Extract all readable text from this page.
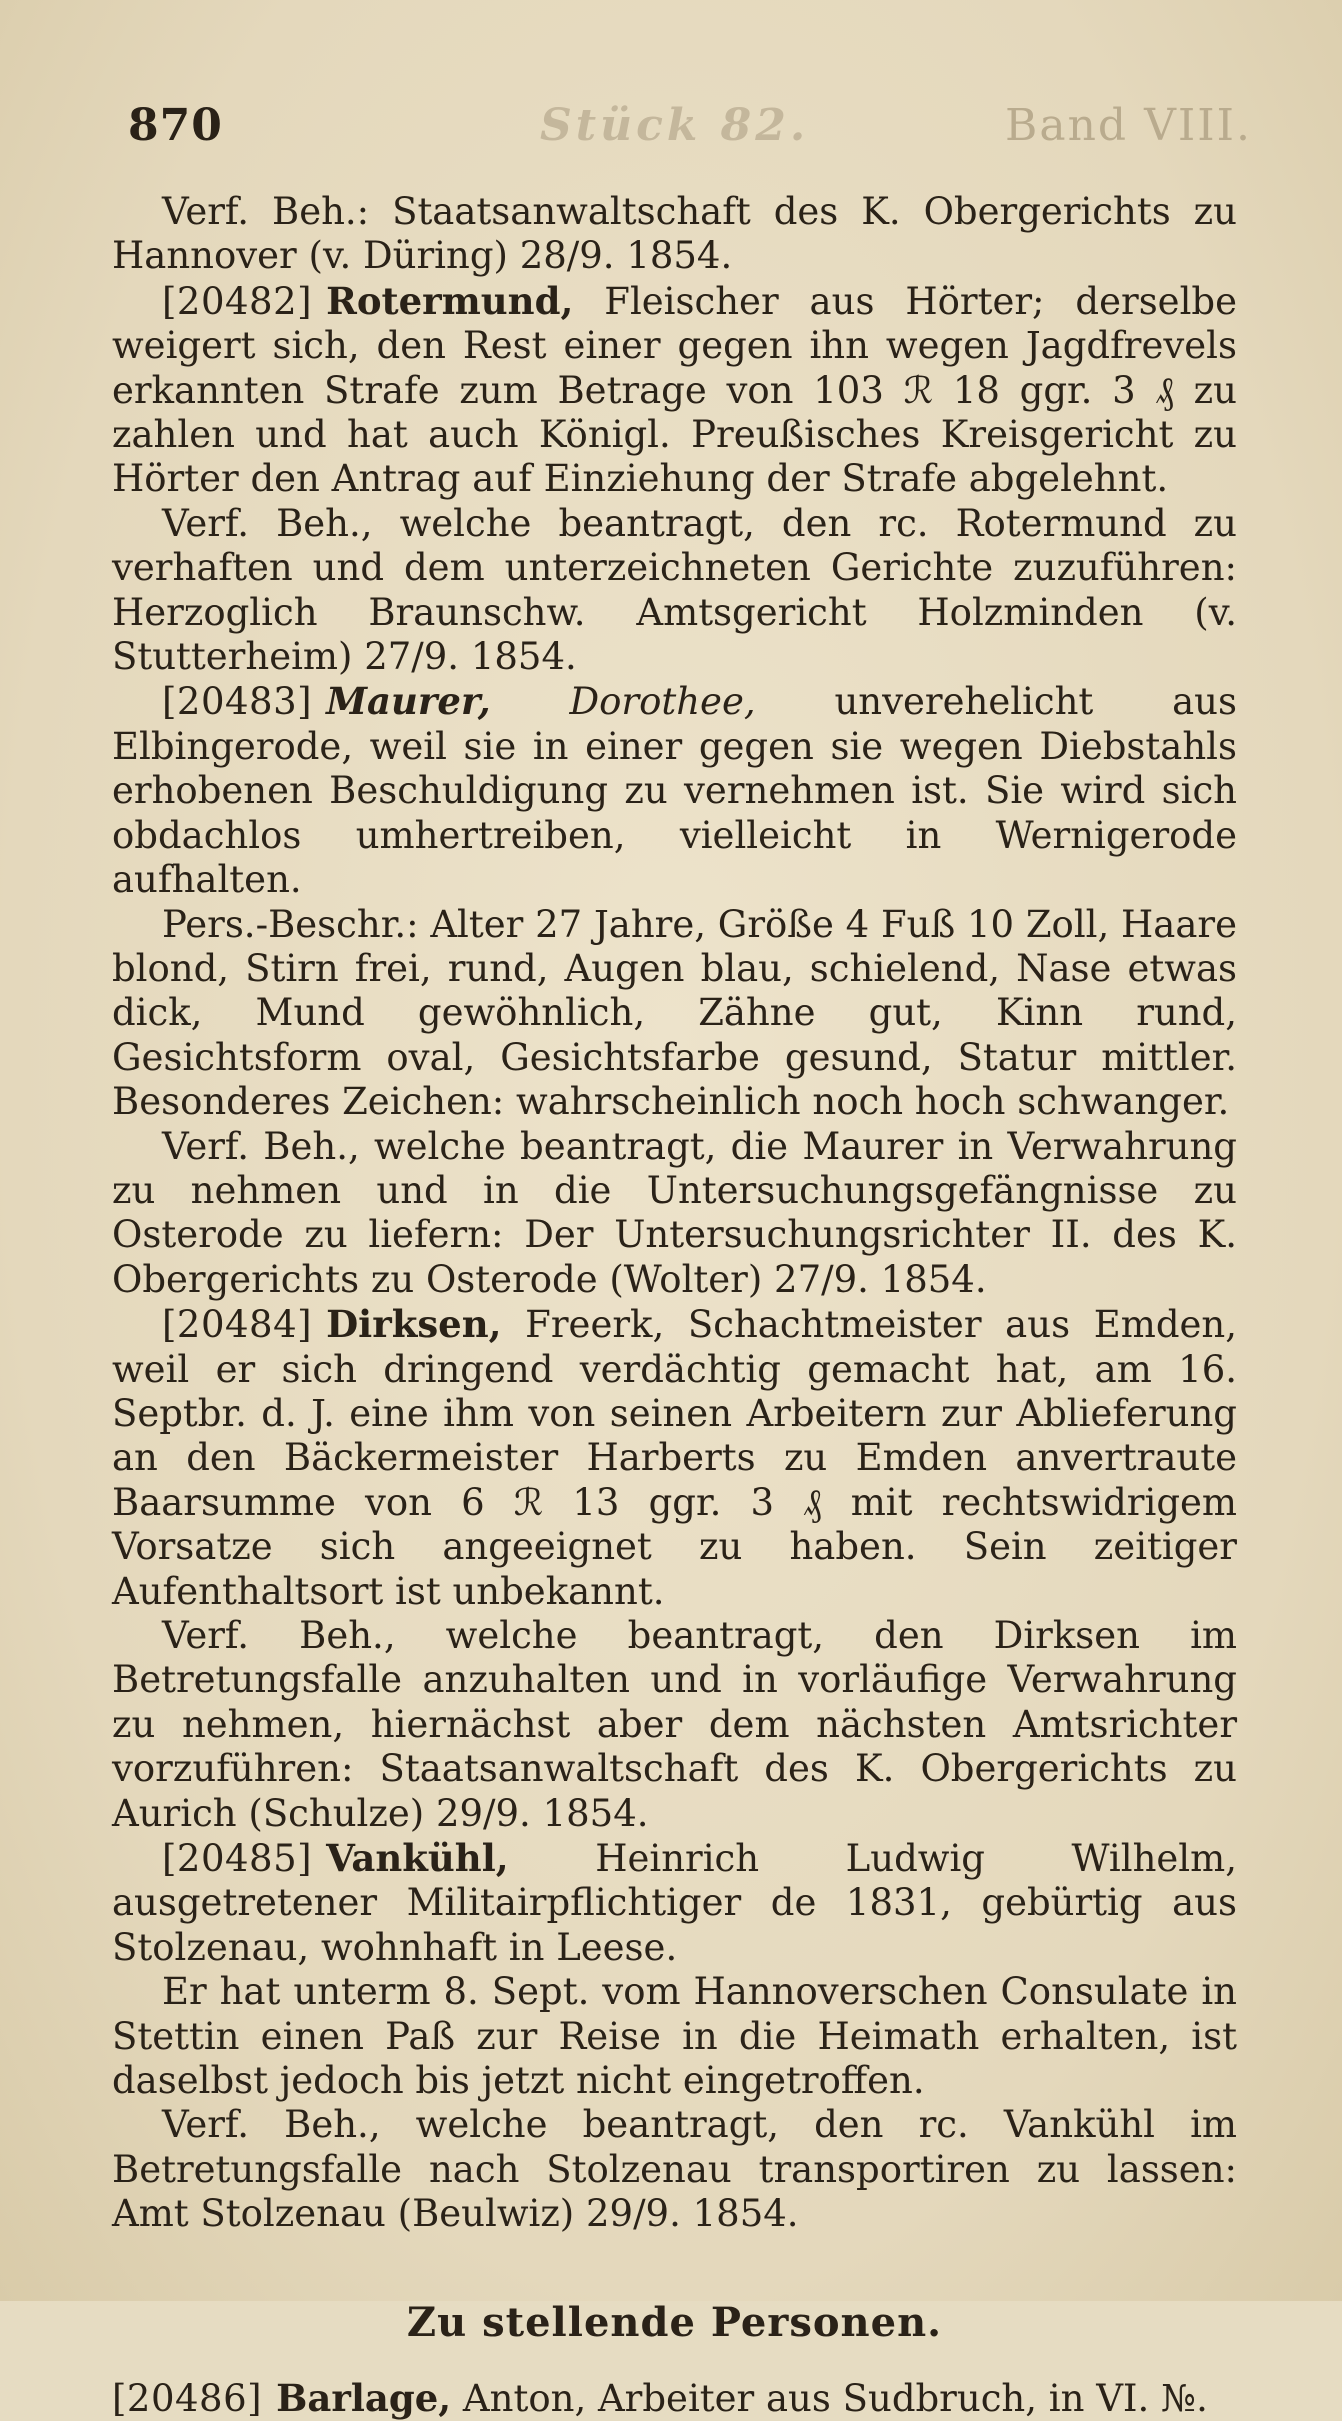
870	Stück 82.	Band VIII.

Verf. Beh.: Staatsanwaltschaft des K. Obergerichts zu Hannover (v. Düring) 28/9. 1854.

[20482] Rotermund, Fleischer aus Hörter; derselbe weigert sich, den Rest einer gegen ihn wegen Jagdfrevels erkannten Strafe zum Betrage von 103 ℛ 18 ggr. 3 ₰ zu zahlen und hat auch Königl. Preußisches Kreisgericht zu Hörter den Antrag auf Einziehung der Strafe abgelehnt.

Verf. Beh., welche beantragt, den rc. Rotermund zu verhaften und dem unterzeichneten Gerichte zuzuführen: Herzoglich Braunschw. Amtsgericht Holzminden (v. Stutterheim) 27/9. 1854.

[20483] Maurer, Dorothee, unverehelicht aus Elbingerode, weil sie in einer gegen sie wegen Diebstahls erhobenen Beschuldigung zu vernehmen ist. Sie wird sich obdachlos umhertreiben, vielleicht in Wernigerode aufhalten.

Pers.-Beschr.: Alter 27 Jahre, Größe 4 Fuß 10 Zoll, Haare blond, Stirn frei, rund, Augen blau, schielend, Nase etwas dick, Mund gewöhnlich, Zähne gut, Kinn rund, Gesichtsform oval, Gesichtsfarbe gesund, Statur mittler. Besonderes Zeichen: wahrscheinlich noch hoch schwanger.

Verf. Beh., welche beantragt, die Maurer in Verwahrung zu nehmen und in die Untersuchungsgefängnisse zu Osterode zu liefern: Der Untersuchungsrichter II. des K. Obergerichts zu Osterode (Wolter) 27/9. 1854.

[20484] Dirksen, Freerk, Schachtmeister aus Emden, weil er sich dringend verdächtig gemacht hat, am 16. Septbr. d. J. eine ihm von seinen Arbeitern zur Ablieferung an den Bäckermeister Harberts zu Emden anvertraute Baarsumme von 6 ℛ 13 ggr. 3 ₰ mit rechtswidrigem Vorsatze sich angeeignet zu haben. Sein zeitiger Aufenthaltsort ist unbekannt.

Verf. Beh., welche beantragt, den Dirksen im Betretungsfalle anzuhalten und in vorläufige Verwahrung zu nehmen, hiernächst aber dem nächsten Amtsrichter vorzuführen: Staatsanwaltschaft des K. Obergerichts zu Aurich (Schulze) 29/9. 1854.

[20485] Vankühl, Heinrich Ludwig Wilhelm, ausgetretener Militairpflichtiger de 1831, gebürtig aus Stolzenau, wohnhaft in Leese.

Er hat unterm 8. Sept. vom Hannoverschen Consulate in Stettin einen Paß zur Reise in die Heimath erhalten, ist daselbst jedoch bis jetzt nicht eingetroffen.

Verf. Beh., welche beantragt, den rc. Vankühl im Betretungsfalle nach Stolzenau transportiren zu lassen: Amt Stolzenau (Beulwiz) 29/9. 1854.

Zu stellende Personen.

[20486] Barlage, Anton, Arbeiter aus Sudbruch, in VI. №.
